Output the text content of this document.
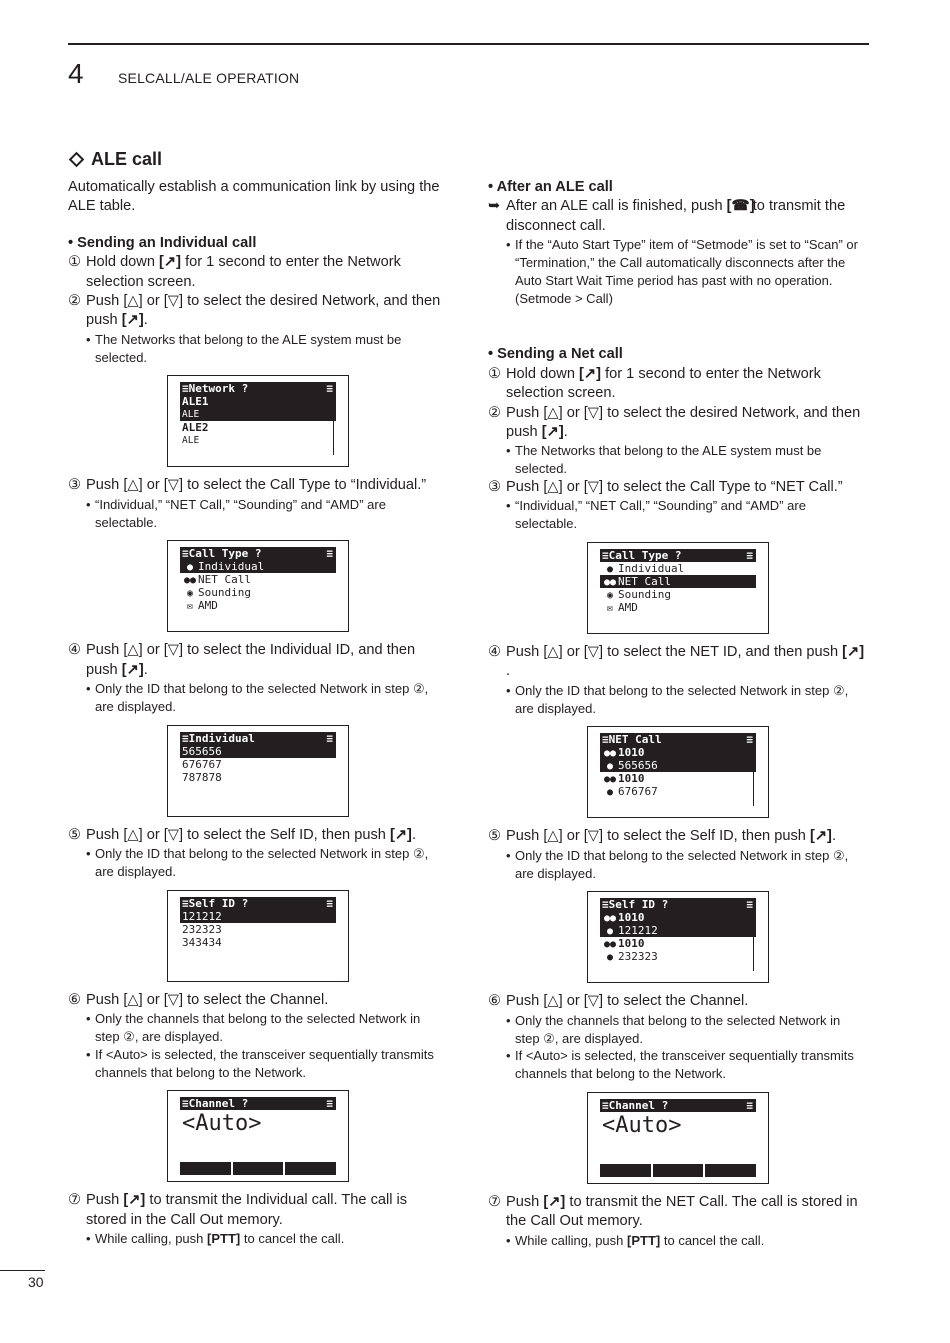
4 SELCALL/ALE OPERATION
ALE call
Automatically establish a communication link by using the ALE table.
• Sending an Individual call
① Hold down [↗] for 1 second to enter the Network selection screen.
② Push [△] or [▽] to select the desired Network, and then push [↗].
• The Networks that belong to the ALE system must be selected.
≡Network ?	≡
ALE1
ALE
ALE2
ALE
③ Push [△] or [▽] to select the Call Type to “Individual.”
• “Individual,” “NET Call,” “Sounding” and “AMD” are selectable.
≡Call Type ?	≡
● Individual
●● NET Call
◉ Sounding
✉ AMD
④ Push [△] or [▽] to select the Individual ID, and then push [↗].
• Only the ID that belong to the selected Network in step ②, are displayed.
≡Individual	≡
565656
676767
787878
⑤ Push [△] or [▽] to select the Self ID, then push [↗].
• Only the ID that belong to the selected Network in step ②, are displayed.
≡Self ID ?	≡
121212
232323
343434
⑥ Push [△] or [▽] to select the Channel.
• Only the channels that belong to the selected Network in step ②, are displayed.
• If <Auto> is selected, the transceiver sequentially transmits channels that belong to the Network.
≡Channel ?	≡
<Auto>
⑦ Push [↗] to transmit the Individual call. The call is stored in the Call Out memory.
• While calling, push [PTT] to cancel the call.
• After an ALE call
➥ After an ALE call is finished, push [☎] to transmit the disconnect call.
• If the “Auto Start Type” item of “Setmode” is set to “Scan” or “Termination,” the Call automatically disconnects after the Auto Start Wait Time period has past with no operation. (Setmode > Call)
• Sending a Net call
① Hold down [↗] for 1 second to enter the Network selection screen.
② Push [△] or [▽] to select the desired Network, and then push [↗].
• The Networks that belong to the ALE system must be selected.
③ Push [△] or [▽] to select the Call Type to “NET Call.”
• “Individual,” “NET Call,” “Sounding” and “AMD” are selectable.
≡Call Type ?	≡
● Individual
●● NET Call
◉ Sounding
✉ AMD
④ Push [△] or [▽] to select the NET ID, and then push [↗].
• Only the ID that belong to the selected Network in step ②, are displayed.
≡NET Call	≡
●● 1010
● 565656
●● 1010
● 676767
⑤ Push [△] or [▽] to select the Self ID, then push [↗].
• Only the ID that belong to the selected Network in step ②, are displayed.
≡Self ID ?	≡
●● 1010
● 121212
●● 1010
● 232323
⑥ Push [△] or [▽] to select the Channel.
• Only the channels that belong to the selected Network in step ②, are displayed.
• If <Auto> is selected, the transceiver sequentially transmits channels that belong to the Network.
≡Channel ?	≡
<Auto>
⑦ Push [↗] to transmit the NET Call. The call is stored in the Call Out memory.
• While calling, push [PTT] to cancel the call.
30
